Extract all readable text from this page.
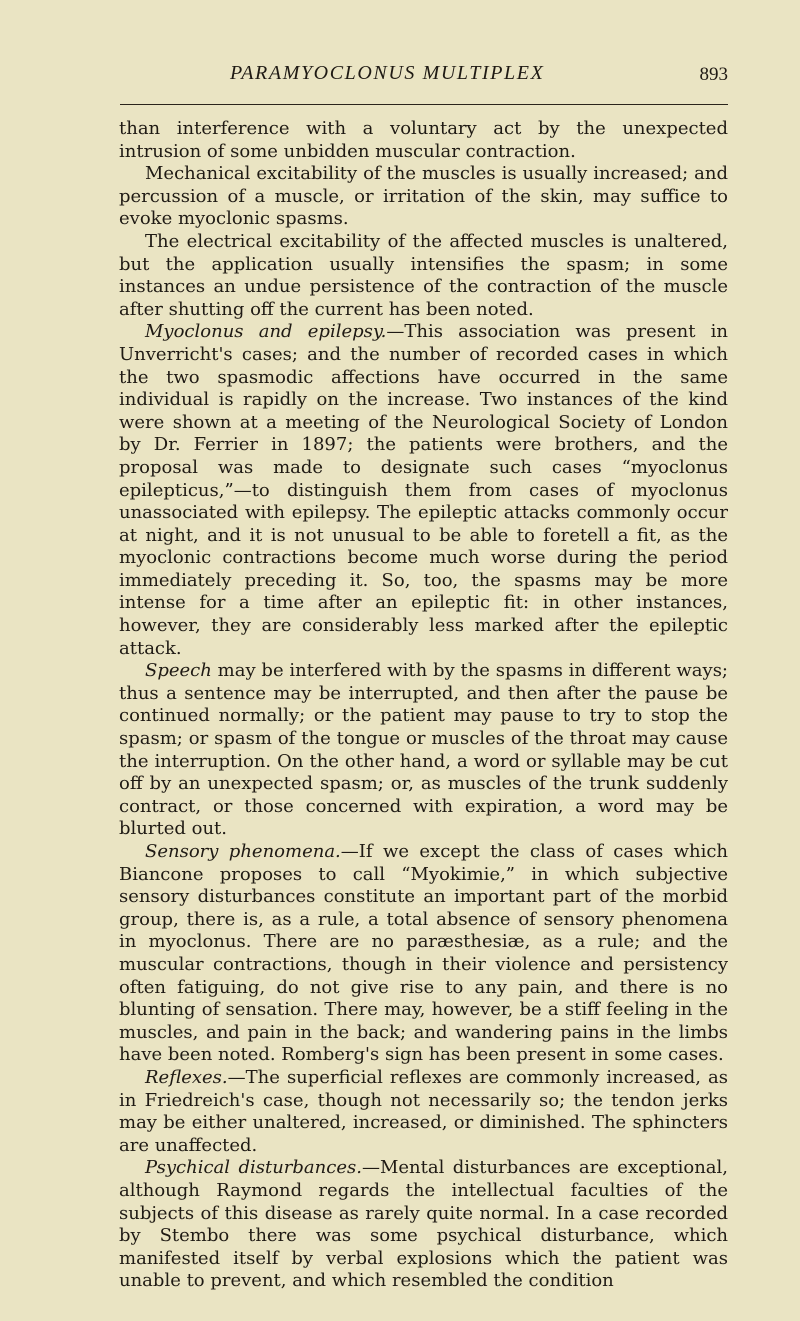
PARAMYOCLONUS MULTIPLEX	893

than interference with a voluntary act by the unexpected intrusion of some unbidden muscular contraction.

Mechanical excitability of the muscles is usually increased; and percussion of a muscle, or irritation of the skin, may suffice to evoke myoclonic spasms.

The electrical excitability of the affected muscles is unaltered, but the application usually intensifies the spasm; in some instances an undue persistence of the contraction of the muscle after shutting off the current has been noted.

Myoclonus and epilepsy.—This association was present in Unverricht's cases; and the number of recorded cases in which the two spasmodic affections have occurred in the same individual is rapidly on the increase. Two instances of the kind were shown at a meeting of the Neurological Society of London by Dr. Ferrier in 1897; the patients were brothers, and the proposal was made to designate such cases “myoclonus epilepticus,”—to distinguish them from cases of myoclonus unassociated with epilepsy. The epileptic attacks commonly occur at night, and it is not unusual to be able to foretell a fit, as the myoclonic contractions become much worse during the period immediately preceding it. So, too, the spasms may be more intense for a time after an epileptic fit: in other instances, however, they are considerably less marked after the epileptic attack.

Speech may be interfered with by the spasms in different ways; thus a sentence may be interrupted, and then after the pause be continued normally; or the patient may pause to try to stop the spasm; or spasm of the tongue or muscles of the throat may cause the interruption. On the other hand, a word or syllable may be cut off by an unexpected spasm; or, as muscles of the trunk suddenly contract, or those concerned with expiration, a word may be blurted out.

Sensory phenomena.—If we except the class of cases which Biancone proposes to call “Myokimie,” in which subjective sensory disturbances constitute an important part of the morbid group, there is, as a rule, a total absence of sensory phenomena in myoclonus. There are no paræsthesiæ, as a rule; and the muscular contractions, though in their violence and persistency often fatiguing, do not give rise to any pain, and there is no blunting of sensation. There may, however, be a stiff feeling in the muscles, and pain in the back; and wandering pains in the limbs have been noted. Romberg's sign has been present in some cases.

Reflexes.—The superficial reflexes are commonly increased, as in Friedreich's case, though not necessarily so; the tendon jerks may be either unaltered, increased, or diminished. The sphincters are unaffected.

Psychical disturbances.—Mental disturbances are exceptional, although Raymond regards the intellectual faculties of the subjects of this disease as rarely quite normal. In a case recorded by Stembo there was some psychical disturbance, which manifested itself by verbal explosions which the patient was unable to prevent, and which resembled the condition
